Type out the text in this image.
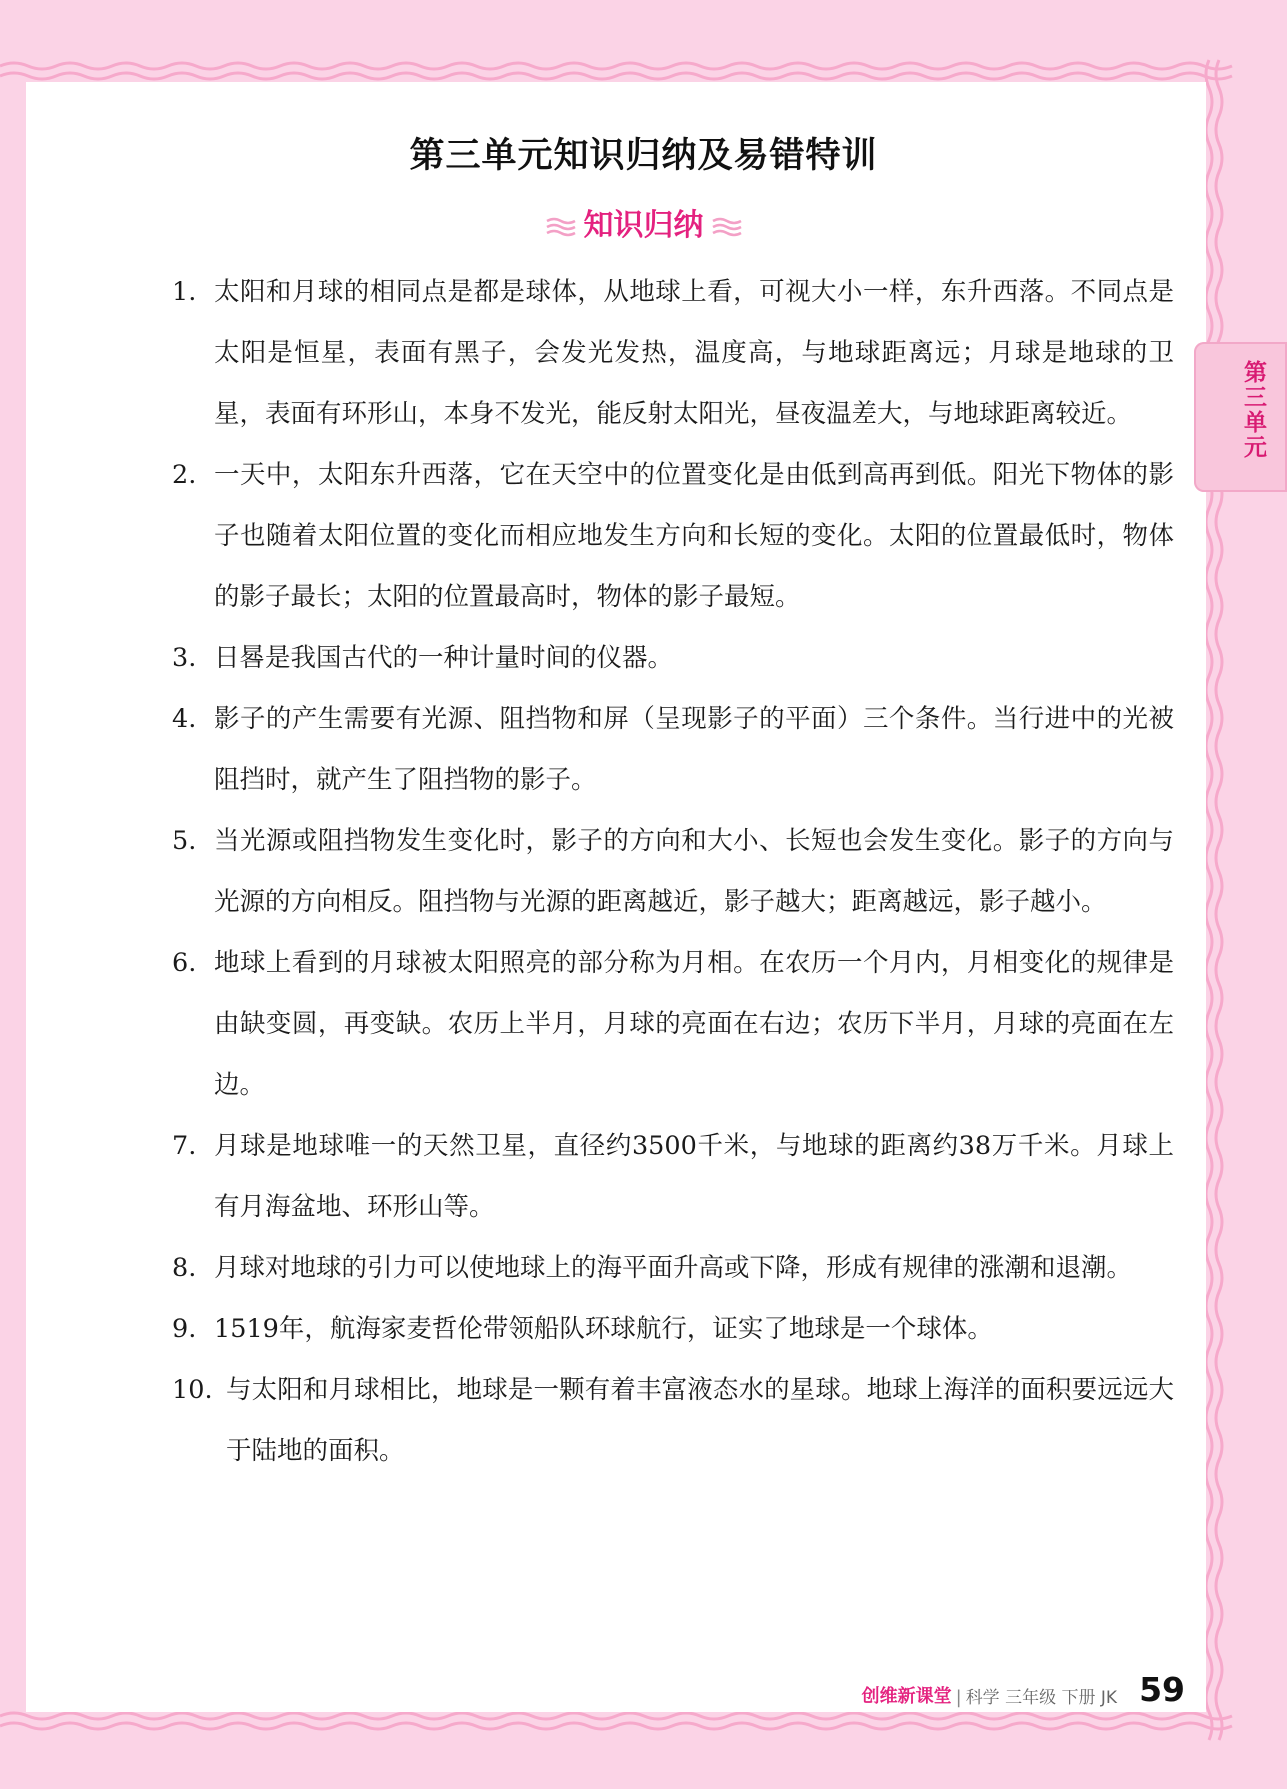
第三单元知识归纳及易错特训
知识归纳
第三单元
1. 太阳和月球的相同点是都是球体，从地球上看，可视大小一样，东升西落。不同点是太阳是恒星，表面有黑子，会发光发热，温度高，与地球距离远；月球是地球的卫星，表面有环形山，本身不发光，能反射太阳光，昼夜温差大，与地球距离较近。
2. 一天中，太阳东升西落，它在天空中的位置变化是由低到高再到低。阳光下物体的影子也随着太阳位置的变化而相应地发生方向和长短的变化。太阳的位置最低时，物体的影子最长；太阳的位置最高时，物体的影子最短。
3. 日晷是我国古代的一种计量时间的仪器。
4. 影子的产生需要有光源、阻挡物和屏（呈现影子的平面）三个条件。当行进中的光被阻挡时，就产生了阻挡物的影子。
5. 当光源或阻挡物发生变化时，影子的方向和大小、长短也会发生变化。影子的方向与光源的方向相反。阻挡物与光源的距离越近，影子越大；距离越远，影子越小。
6. 地球上看到的月球被太阳照亮的部分称为月相。在农历一个月内，月相变化的规律是由缺变圆，再变缺。农历上半月，月球的亮面在右边；农历下半月，月球的亮面在左边。
7. 月球是地球唯一的天然卫星，直径约3500千米，与地球的距离约38万千米。月球上有月海盆地、环形山等。
8. 月球对地球的引力可以使地球上的海平面升高或下降，形成有规律的涨潮和退潮。
9. 1519年，航海家麦哲伦带领船队环球航行，证实了地球是一个球体。
10. 与太阳和月球相比，地球是一颗有着丰富液态水的星球。地球上海洋的面积要远远大于陆地的面积。
创维新课堂 | 科学 三年级 下册 JK 59
